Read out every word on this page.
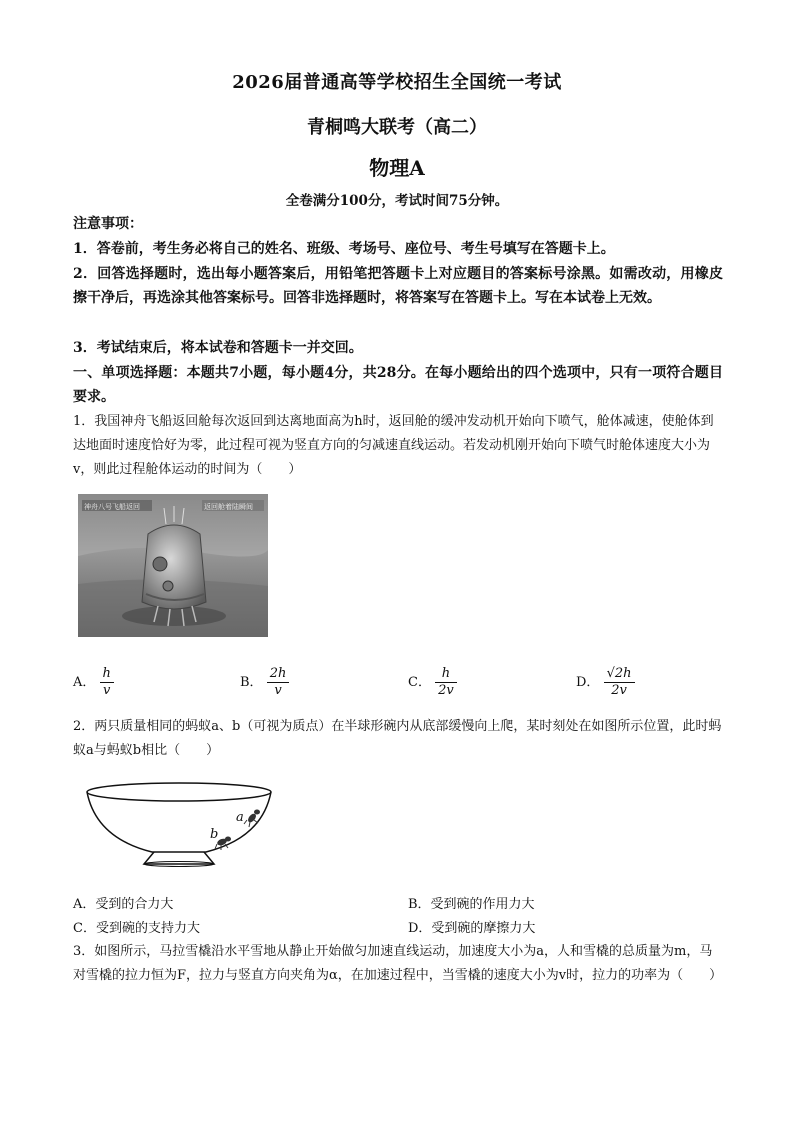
2026届普通高等学校招生全国统一考试
青桐鸣大联考（高二）
物理A
全卷满分100分，考试时间75分钟。
注意事项：
1．答卷前，考生务必将自己的姓名、班级、考场号、座位号、考生号填写在答题卡上。
2．回答选择题时，选出每小题答案后，用铅笔把答题卡上对应题目的答案标号涂黑。如需改动，用橡皮擦干净后，再选涂其他答案标号。回答非选择题时，将答案写在答题卡上。写在本试卷上无效。
3．考试结束后，将本试卷和答题卡一并交回。
一、单项选择题：本题共7小题，每小题4分，共28分。在每小题给出的四个选项中，只有一项符合题目要求。
1．我国神舟飞船返回舱每次返回到达离地面高为h时，返回舱的缓冲发动机开始向下喷气，舱体减速，使舱体到达地面时速度恰好为零，此过程可视为竖直方向的匀减速直线运动。若发动机刚开始向下喷气时舱体速度大小为v，则此过程舱体运动的时间为（　　）
神舟八号飞船返回	返回舱着陆瞬间
A． $\frac{h}{v}$	B． $\frac{2h}{v}$	C． $\frac{h}{2v}$	D． $\frac{√2h}{2v}$
2．两只质量相同的蚂蚁a、b（可视为质点）在半球形碗内从底部缓慢向上爬，某时刻处在如图所示位置，此时蚂蚁a与蚂蚁b相比（　　）
a
b
A．受到的合力大	B．受到碗的作用力大
C．受到碗的支持力大	D．受到碗的摩擦力大
3．如图所示，马拉雪橇沿水平雪地从静止开始做匀加速直线运动，加速度大小为a，人和雪橇的总质量为m，马对雪橇的拉力恒为F，拉力与竖直方向夹角为α，在加速过程中，当雪橇的速度大小为v时，拉力的功率为（　　）
